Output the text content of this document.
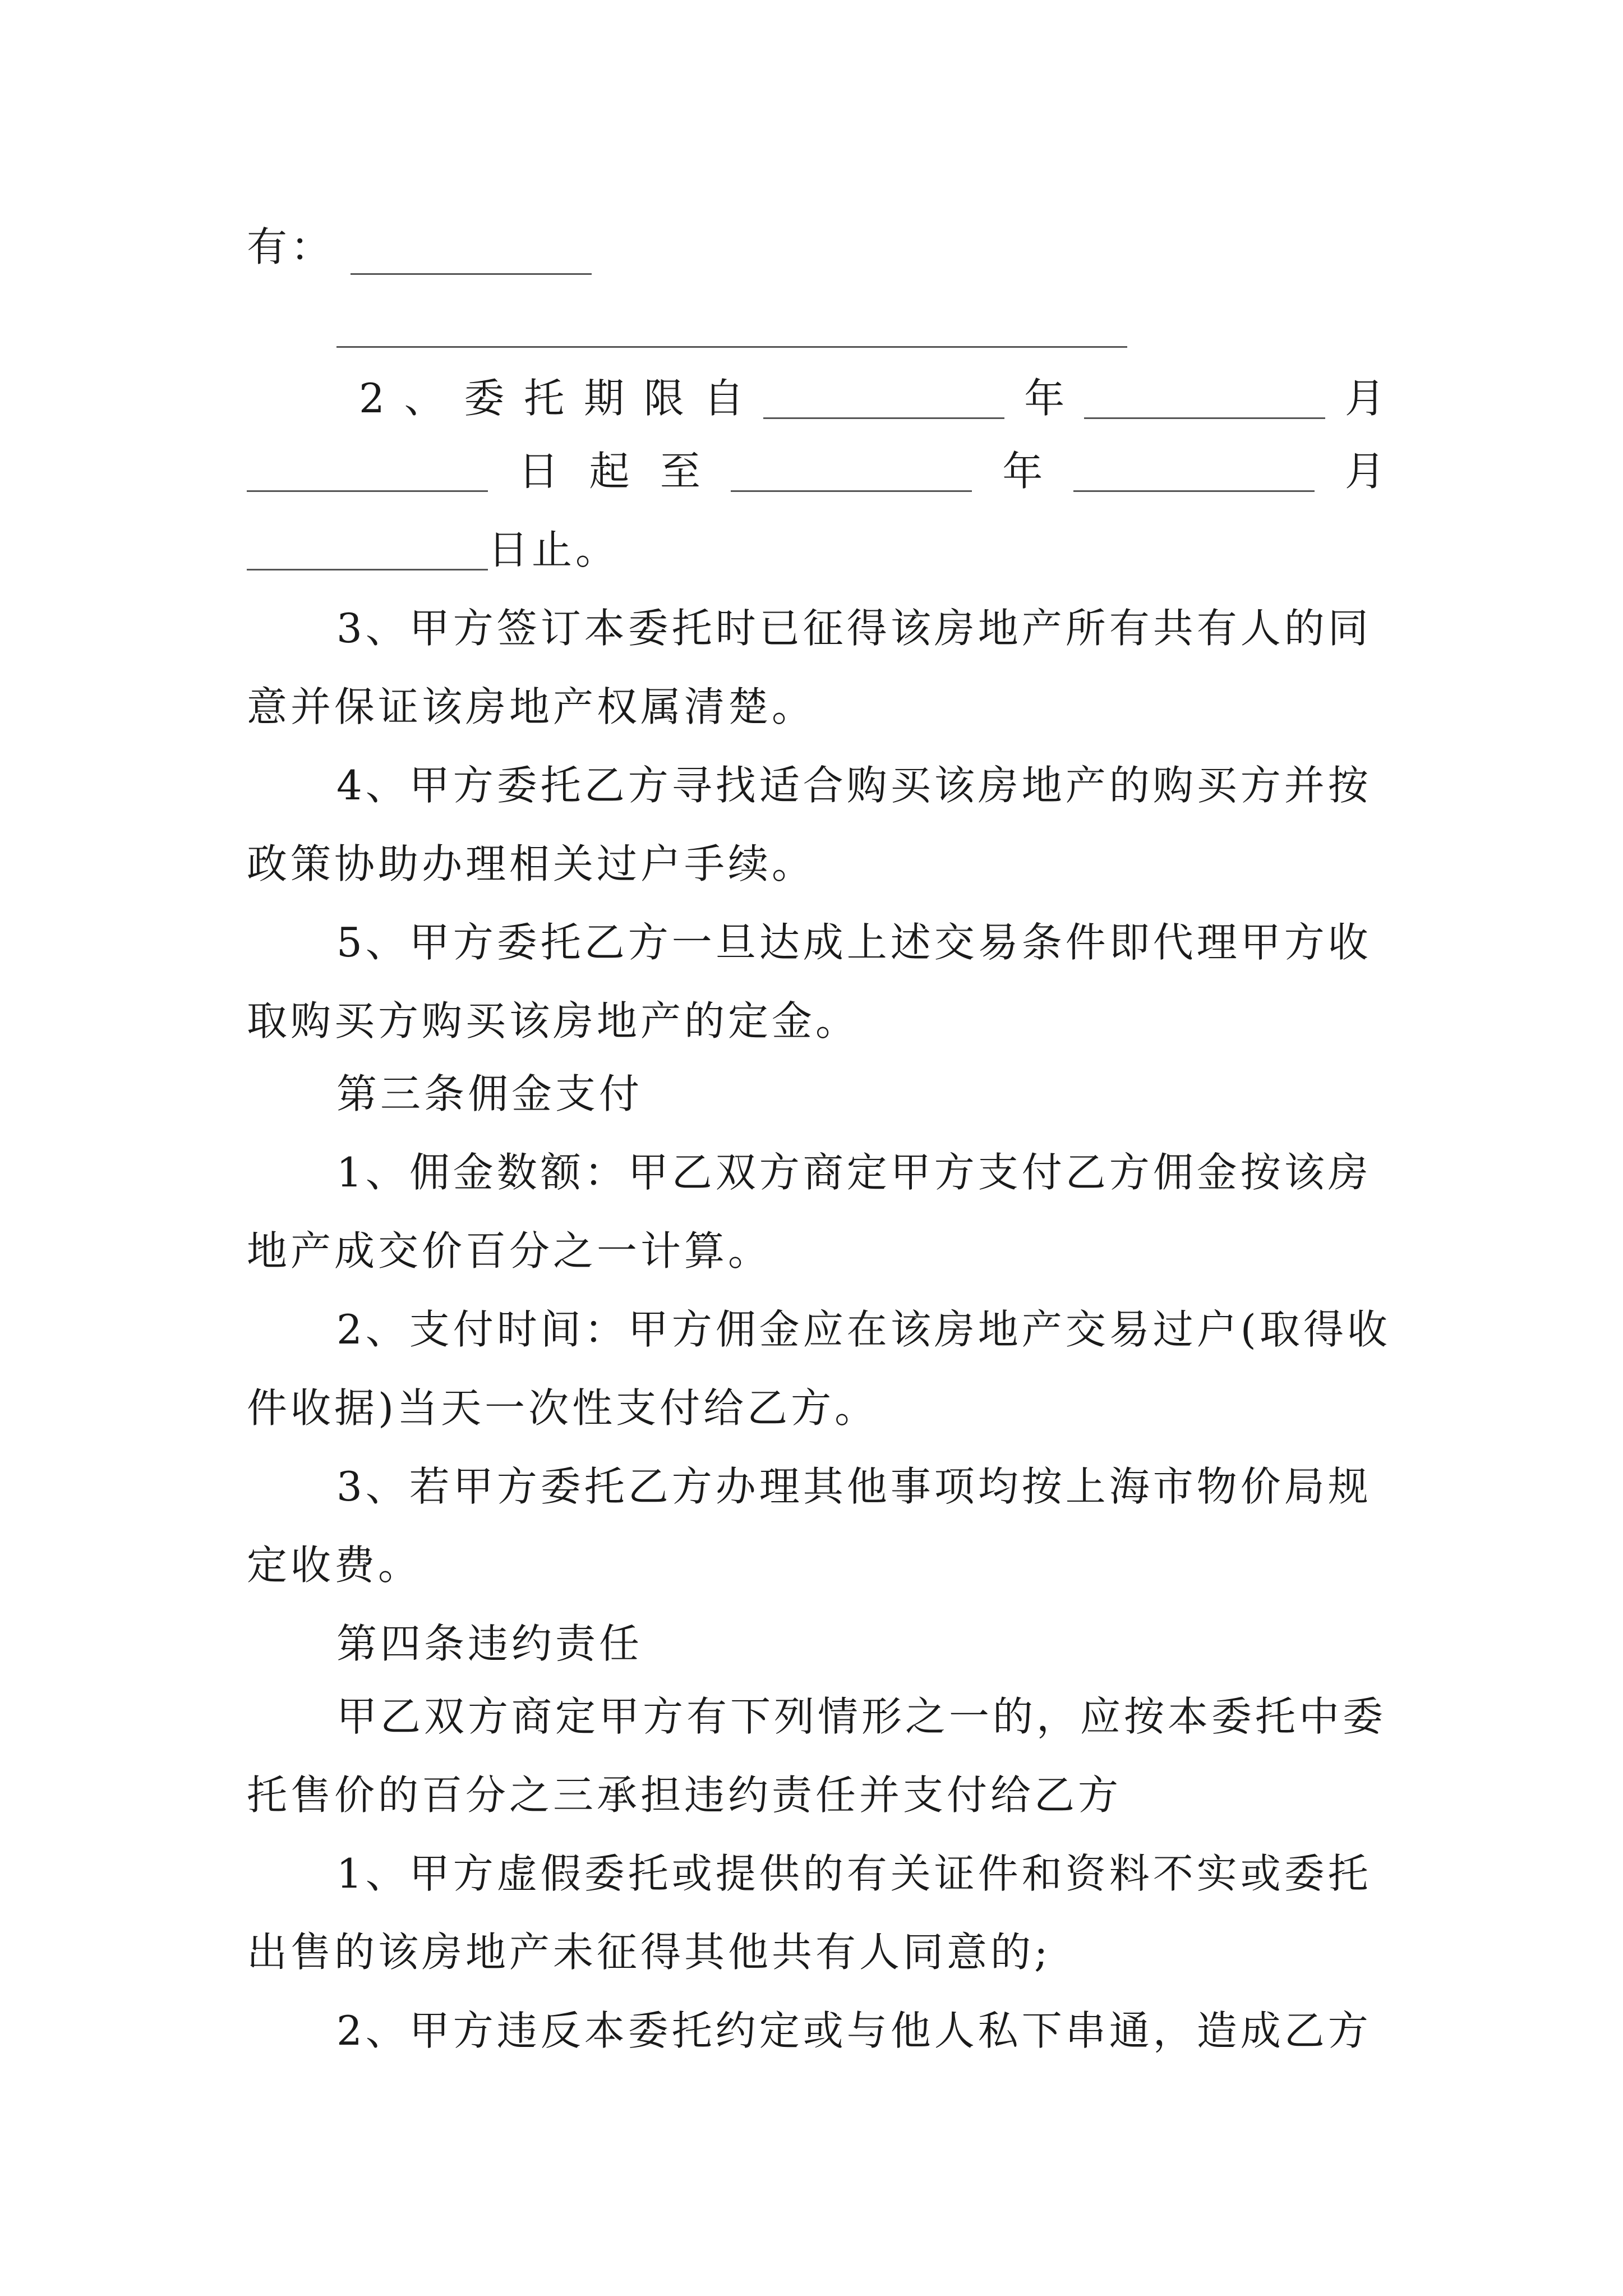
有：
2 、 委 托 期 限 自	年	月
日 起 至	年	月
日止。
3、甲方签订本委托时已征得该房地产所有共有人的同
意并保证该房地产权属清楚。
4、甲方委托乙方寻找适合购买该房地产的购买方并按
政策协助办理相关过户手续。
5、甲方委托乙方一旦达成上述交易条件即代理甲方收
取购买方购买该房地产的定金。
第三条佣金支付
1、佣金数额：甲乙双方商定甲方支付乙方佣金按该房
地产成交价百分之一计算。
2、支付时间：甲方佣金应在该房地产交易过户(取得收
件收据)当天一次性支付给乙方。
3、若甲方委托乙方办理其他事项均按上海市物价局规
定收费。
第四条违约责任
甲乙双方商定甲方有下列情形之一的，应按本委托中委
托售价的百分之三承担违约责任并支付给乙方
1、甲方虚假委托或提供的有关证件和资料不实或委托
出售的该房地产未征得其他共有人同意的;
2、甲方违反本委托约定或与他人私下串通，造成乙方
